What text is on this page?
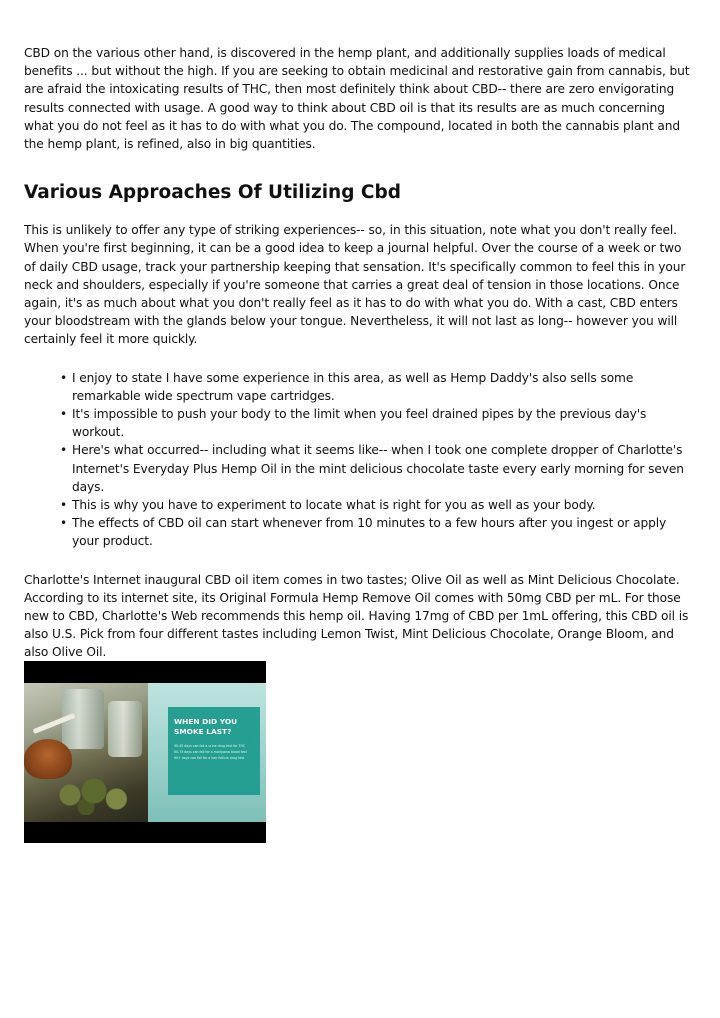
CBD on the various other hand, is discovered in the hemp plant, and additionally supplies loads of medical benefits ... but without the high. If you are seeking to obtain medicinal and restorative gain from cannabis, but are afraid the intoxicating results of THC, then most definitely think about CBD-- there are zero envigorating results connected with usage. A good way to think about CBD oil is that its results are as much concerning what you do not feel as it has to do with what you do. The compound, located in both the cannabis plant and the hemp plant, is refined, also in big quantities.

Various Approaches Of Utilizing Cbd

This is unlikely to offer any type of striking experiences-- so, in this situation, note what you don't really feel. When you're first beginning, it can be a good idea to keep a journal helpful. Over the course of a week or two of daily CBD usage, track your partnership keeping that sensation. It's specifically common to feel this in your neck and shoulders, especially if you're someone that carries a great deal of tension in those locations. Once again, it's as much about what you don't really feel as it has to do with what you do. With a cast, CBD enters your bloodstream with the glands below your tongue. Nevertheless, it will not last as long-- however you will certainly feel it more quickly.

• I enjoy to state I have some experience in this area, as well as Hemp Daddy's also sells some remarkable wide spectrum vape cartridges.
• It's impossible to push your body to the limit when you feel drained pipes by the previous day's workout.
• Here's what occurred-- including what it seems like-- when I took one complete dropper of Charlotte's Internet's Everyday Plus Hemp Oil in the mint delicious chocolate taste every early morning for seven days.
• This is why you have to experiment to locate what is right for you as well as your body.
• The effects of CBD oil can start whenever from 10 minutes to a few hours after you ingest or apply your product.

Charlotte's Internet inaugural CBD oil item comes in two tastes; Olive Oil as well as Mint Delicious Chocolate. According to its internet site, its Original Formula Hemp Remove Oil comes with 50mg CBD per mL. For those new to CBD, Charlotte's Web recommends this hemp oil. Having 17mg of CBD per 1mL offering, this CBD oil is also U.S. Pick from four different tastes including Lemon Twist, Mint Delicious Chocolate, Orange Bloom, and also Olive Oil.

WHEN DID YOU SMOKE LAST?
30-45 days can fail a urine drug test for THC
60-75 days can fail for a marijuana blood test
90+ days can fail for a hair follicle drug test
